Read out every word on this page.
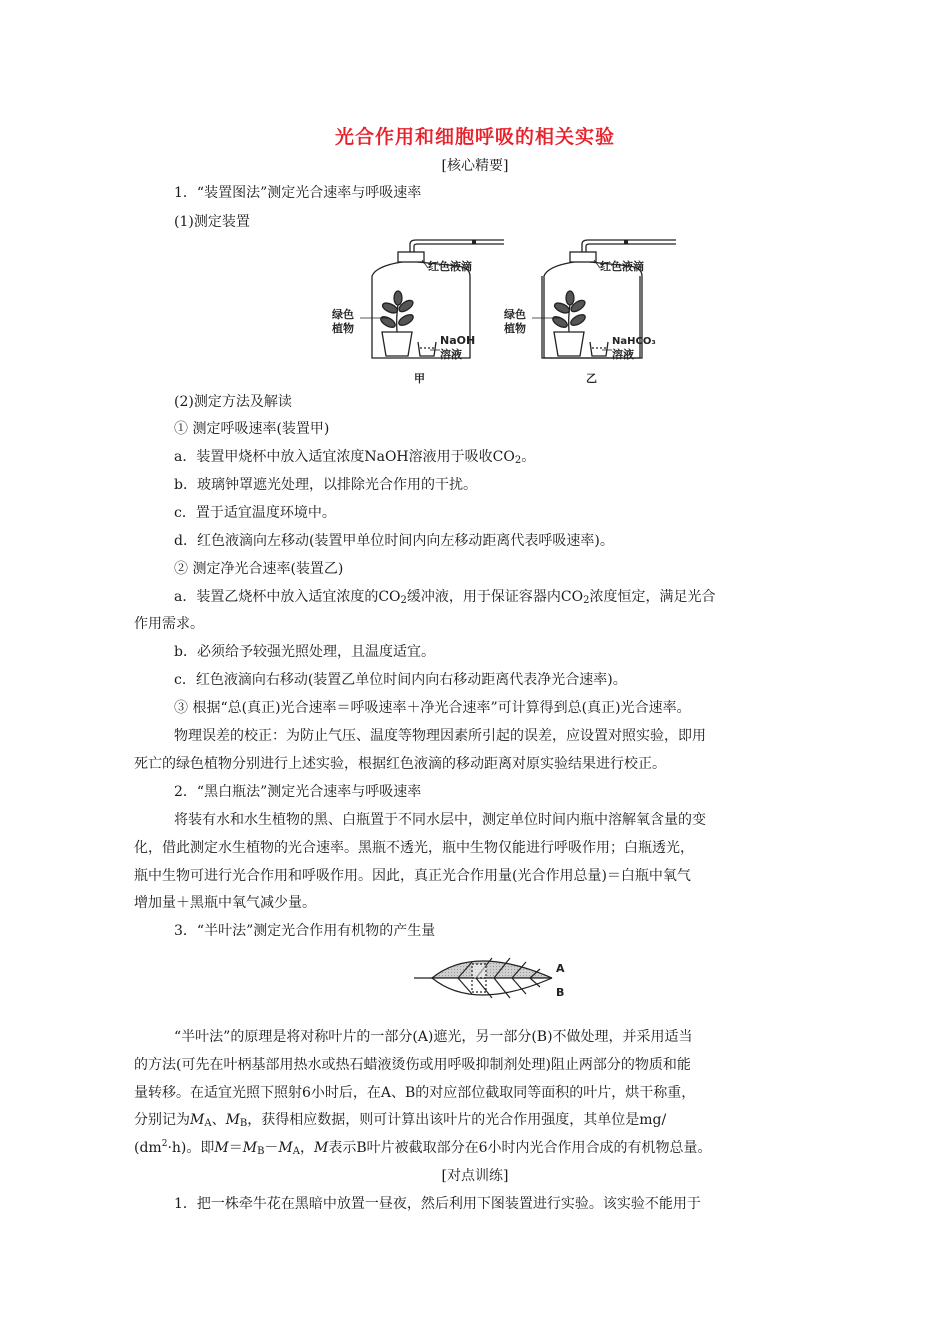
光合作用和细胞呼吸的相关实验
[核心精要]
1．“装置图法”测定光合速率与呼吸速率
(1)测定装置
红色液滴
绿色
植物
NaOH
溶液
甲
红色液滴
绿色
植物
NaHCO₃
溶液
乙
(2)测定方法及解读
① 测定呼吸速率(装置甲)
a．装置甲烧杯中放入适宜浓度NaOH溶液用于吸收$CO_2$。
b．玻璃钟罩遮光处理，以排除光合作用的干扰。
c．置于适宜温度环境中。
d．红色液滴向左移动(装置甲单位时间内向左移动距离代表呼吸速率)。
② 测定净光合速率(装置乙)
a．装置乙烧杯中放入适宜浓度的$CO_2$缓冲液，用于保证容器内$CO_2$浓度恒定，满足光合
作用需求。
b．必须给予较强光照处理，且温度适宜。
c．红色液滴向右移动(装置乙单位时间内向右移动距离代表净光合速率)。
③ 根据“总(真正)光合速率＝呼吸速率＋净光合速率”可计算得到总(真正)光合速率。
物理误差的校正：为防止气压、温度等物理因素所引起的误差，应设置对照实验，即用
死亡的绿色植物分别进行上述实验，根据红色液滴的移动距离对原实验结果进行校正。
2．“黑白瓶法”测定光合速率与呼吸速率
将装有水和水生植物的黑、白瓶置于不同水层中，测定单位时间内瓶中溶解氧含量的变
化，借此测定水生植物的光合速率。黑瓶不透光，瓶中生物仅能进行呼吸作用；白瓶透光，
瓶中生物可进行光合作用和呼吸作用。因此，真正光合作用量(光合作用总量)＝白瓶中氧气
增加量＋黑瓶中氧气减少量。
3．“半叶法”测定光合作用有机物的产生量
A
B
“半叶法”的原理是将对称叶片的一部分(A)遮光，另一部分(B)不做处理，并采用适当
的方法(可先在叶柄基部用热水或热石蜡液烫伤或用呼吸抑制剂处理)阻止两部分的物质和能
量转移。在适宜光照下照射6小时后，在A、B的对应部位截取同等面积的叶片，烘干称重，
分别记为$M_A$、$M_B$，获得相应数据，则可计算出该叶片的光合作用强度，其单位是mg/
$(dm^2\cdot h)$。即$M=M_B-M_A$，M表示B叶片被截取部分在6小时内光合作用合成的有机物总量。
[对点训练]
1．把一株牵牛花在黑暗中放置一昼夜，然后利用下图装置进行实验。该实验不能用于
